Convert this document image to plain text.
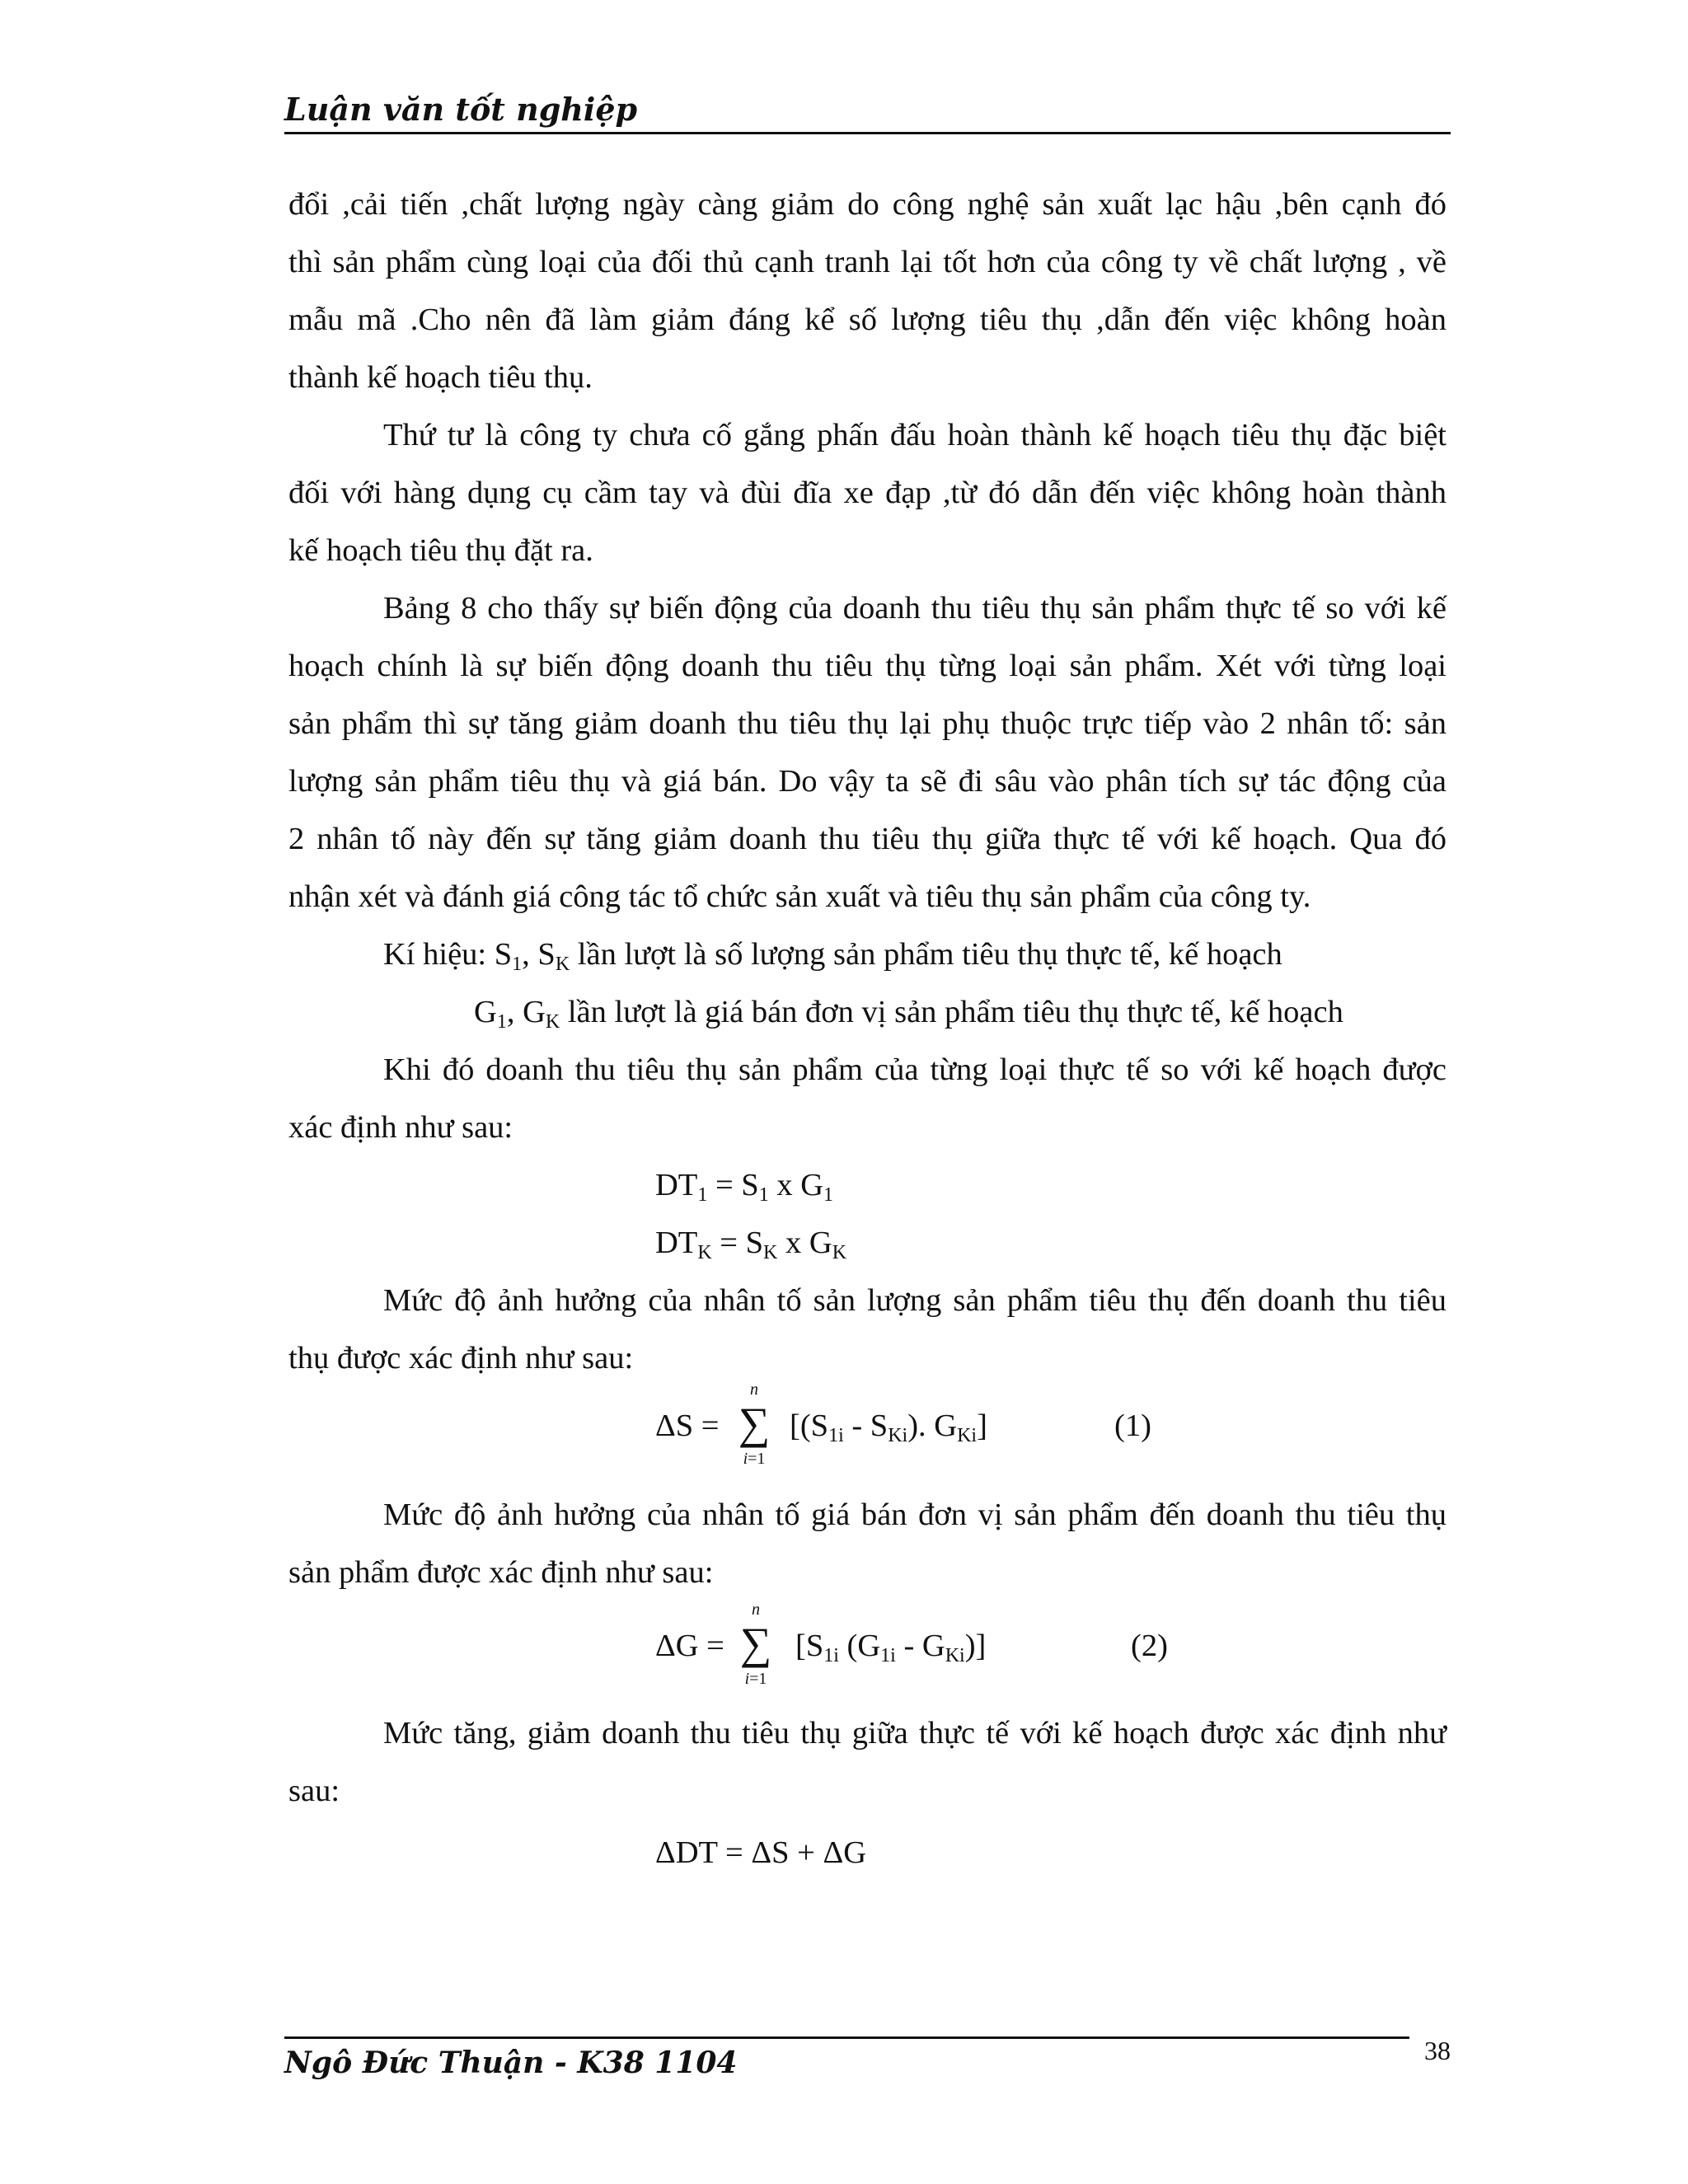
Luận văn tốt nghiệp
đổi ,cải tiến ,chất lượng ngày càng giảm do công nghệ sản xuất lạc hậu ,bên cạnh đó
thì sản phẩm cùng loại của đối thủ cạnh tranh lại tốt hơn của công ty về chất lượng , về
mẫu mã .Cho nên đã làm giảm đáng kể số lượng tiêu thụ ,dẫn đến việc không hoàn
thành kế hoạch tiêu thụ.
Thứ tư là công ty chưa cố gắng phấn đấu hoàn thành kế hoạch tiêu thụ đặc biệt
đối với hàng dụng cụ cầm tay và đùi đĩa xe đạp ,từ đó dẫn đến việc không hoàn thành
kế hoạch tiêu thụ đặt ra.
Bảng 8 cho thấy sự biến động của doanh thu tiêu thụ sản phẩm thực tế so với kế
hoạch chính là sự biến động doanh thu tiêu thụ từng loại sản phẩm. Xét với từng loại
sản phẩm thì sự tăng giảm doanh thu tiêu thụ lại phụ thuộc trực tiếp vào 2 nhân tố: sản
lượng sản phẩm tiêu thụ và giá bán. Do vậy ta sẽ đi sâu vào phân tích sự tác động của
2 nhân tố này đến sự tăng giảm doanh thu tiêu thụ giữa thực tế với kế hoạch. Qua đó
nhận xét và đánh giá công tác tổ chức sản xuất và tiêu thụ sản phẩm của công ty.
Kí hiệu: $S_1$, $S_K$ lần lượt là số lượng sản phẩm tiêu thụ thực tế, kế hoạch
$G_1$, $G_K$ lần lượt là giá bán đơn vị sản phẩm tiêu thụ thực tế, kế hoạch
Khi đó doanh thu tiêu thụ sản phẩm của từng loại thực tế so với kế hoạch được
xác định như sau:
$DT_1 = S_1$ x $G_1$
$DT_K = S_K$ x $G_K$
Mức độ ảnh hưởng của nhân tố sản lượng sản phẩm tiêu thụ đến doanh thu tiêu
thụ được xác định như sau:
ΔS =
n
∑
i=1
[$(S_{1i} - S_{Ki})$. $G_{Ki}$]	(1)
Mức độ ảnh hưởng của nhân tố giá bán đơn vị sản phẩm đến doanh thu tiêu thụ
sản phẩm được xác định như sau:
ΔG =
n
∑
i=1
[$S_{1i}$ $(G_{1i} - G_{Ki})$]	(2)
Mức tăng, giảm doanh thu tiêu thụ giữa thực tế với kế hoạch được xác định như
sau:
ΔDT = ΔS + ΔG
Ngô Đức Thuận - K38 1104	38
